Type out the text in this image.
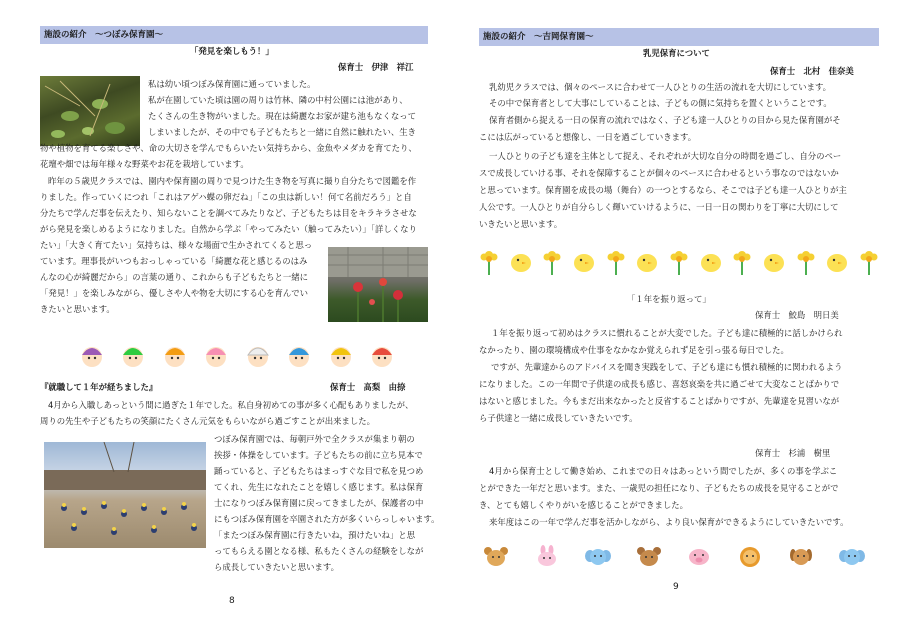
施設の紹介　～つぼみ保育園～
「発見を楽しもう！」
保育士　伊津　祥江
私は幼い頃つぼみ保育園に通っていました。
私が在園していた頃は園の周りは竹林、隣の中村公園には池があり、
たくさんの生き物がいました。現在は綺麗なお家が建ち池もなくなって
しまいましたが、その中でも子どもたちと一緒に自然に触れたい、生き
物や植物を育てる楽しさや、命の大切さを学んでもらいたい気持ちから、金魚やメダカを育てたり、
花壇や畑では毎年様々な野菜やお花を栽培しています。
昨年の５歳児クラスでは、園内や保育園の周りで見つけた生き物を写真に撮り自分たちで図鑑を作
りました。作っていくにつれ「これはアゲハ蝶の卵だね」「この虫は新しい！何て名前だろう」と自
分たちで学んだ事を伝えたり、知らないことを調べてみたりなど、子どもたちは目をキラキラさせな
がら発見を楽しめるようになりました。自然から学ぶ「やってみたい（触ってみたい）」「詳しくなり
たい」「大きく育てたい」気持ちは、様々な場面で生かされてくると思っ
ています。理事長がいつもおっしゃっている「綺麗な花と感じるのはみ
んなの心が綺麗だから」の言葉の通り、これからも子どもたちと一緒に
「発見！」を楽しみながら、優しさや人や物を大切にする心を育んでい
きたいと思います。
『就職して１年が経ちました』	保育士　髙梨　由捺
4月から入職しあっという間に過ぎた１年でした。私自身初めての事が多く心配もありましたが、
周りの先生や子どもたちの笑顔にたくさん元気をもらいながら過ごすことが出来ました。
つぼみ保育園では、毎朝戸外で全クラスが集まり朝の
挨拶・体操をしています。子どもたちの前に立ち見本で
踊っていると、子どもたちはまっすぐな目で私を見つめ
てくれ、先生になれたことを嬉しく感じます。私は保育
士になりつぼみ保育園に戻ってきましたが、保護者の中
にもつぼみ保育園を卒園された方が多くいらっしゃいます。
「またつぼみ保育園に行きたいね，預けたいね」と思
ってもらえる園となる様、私もたくさんの経験をしなが
ら成長していきたいと思います。
8
施設の紹介　～吉岡保育園～
乳児保育について
保育士　北村　佳奈美
乳幼児クラスでは、個々のペースに合わせて一人ひとりの生活の流れを大切にしています。
その中で保育者として大事にしていることは、子どもの側に気持ちを置くということです。
保育者側から捉える一日の保育の流れではなく、子ども達一人ひとりの目から見た保育園がそ
こには広がっていると想像し、一日を過ごしていきます。
一人ひとりの子ども達を主体として捉え、それぞれが大切な自分の時間を過ごし、自分のペー
スで成長していける事、それを保障することが個々のペースに合わせるという事なのではないか
と思っています。保育園を成長の場（舞台）の一つとするなら、そこでは子ども達一人ひとりが主
人公です。一人ひとりが自分らしく輝いていけるように、一日一日の関わりを丁寧に大切にして
いきたいと思います。
「１年を振り返って」
保育士　鮫島　明日美
１年を振り返って初めはクラスに慣れることが大変でした。子ども達に積極的に話しかけられ
なかったり、園の環境構成や仕事をなかなか覚えられず足を引っ張る毎日でした。
ですが、先輩達からのアドバイスを聞き実践をして、子ども達にも慣れ積極的に関われるよう
になりました。この一年間で子供達の成長も感じ、喜怒哀楽を共に過ごせて大変なことばかりで
はないと感じました。今もまだ出来なかったと反省することばかりですが、先輩達を見習いなが
ら子供達と一緒に成長していきたいです。
保育士　杉浦　樹里
4月から保育士として働き始め、これまでの日々はあっという間でしたが、多くの事を学ぶこ
とができた一年だと思います。また、一歳児の担任になり、子どもたちの成長を見守ることがで
き、とても嬉しくやりがいを感じることができました。
来年度はこの一年で学んだ事を活かしながら、より良い保育ができるようにしていきたいです。
9
